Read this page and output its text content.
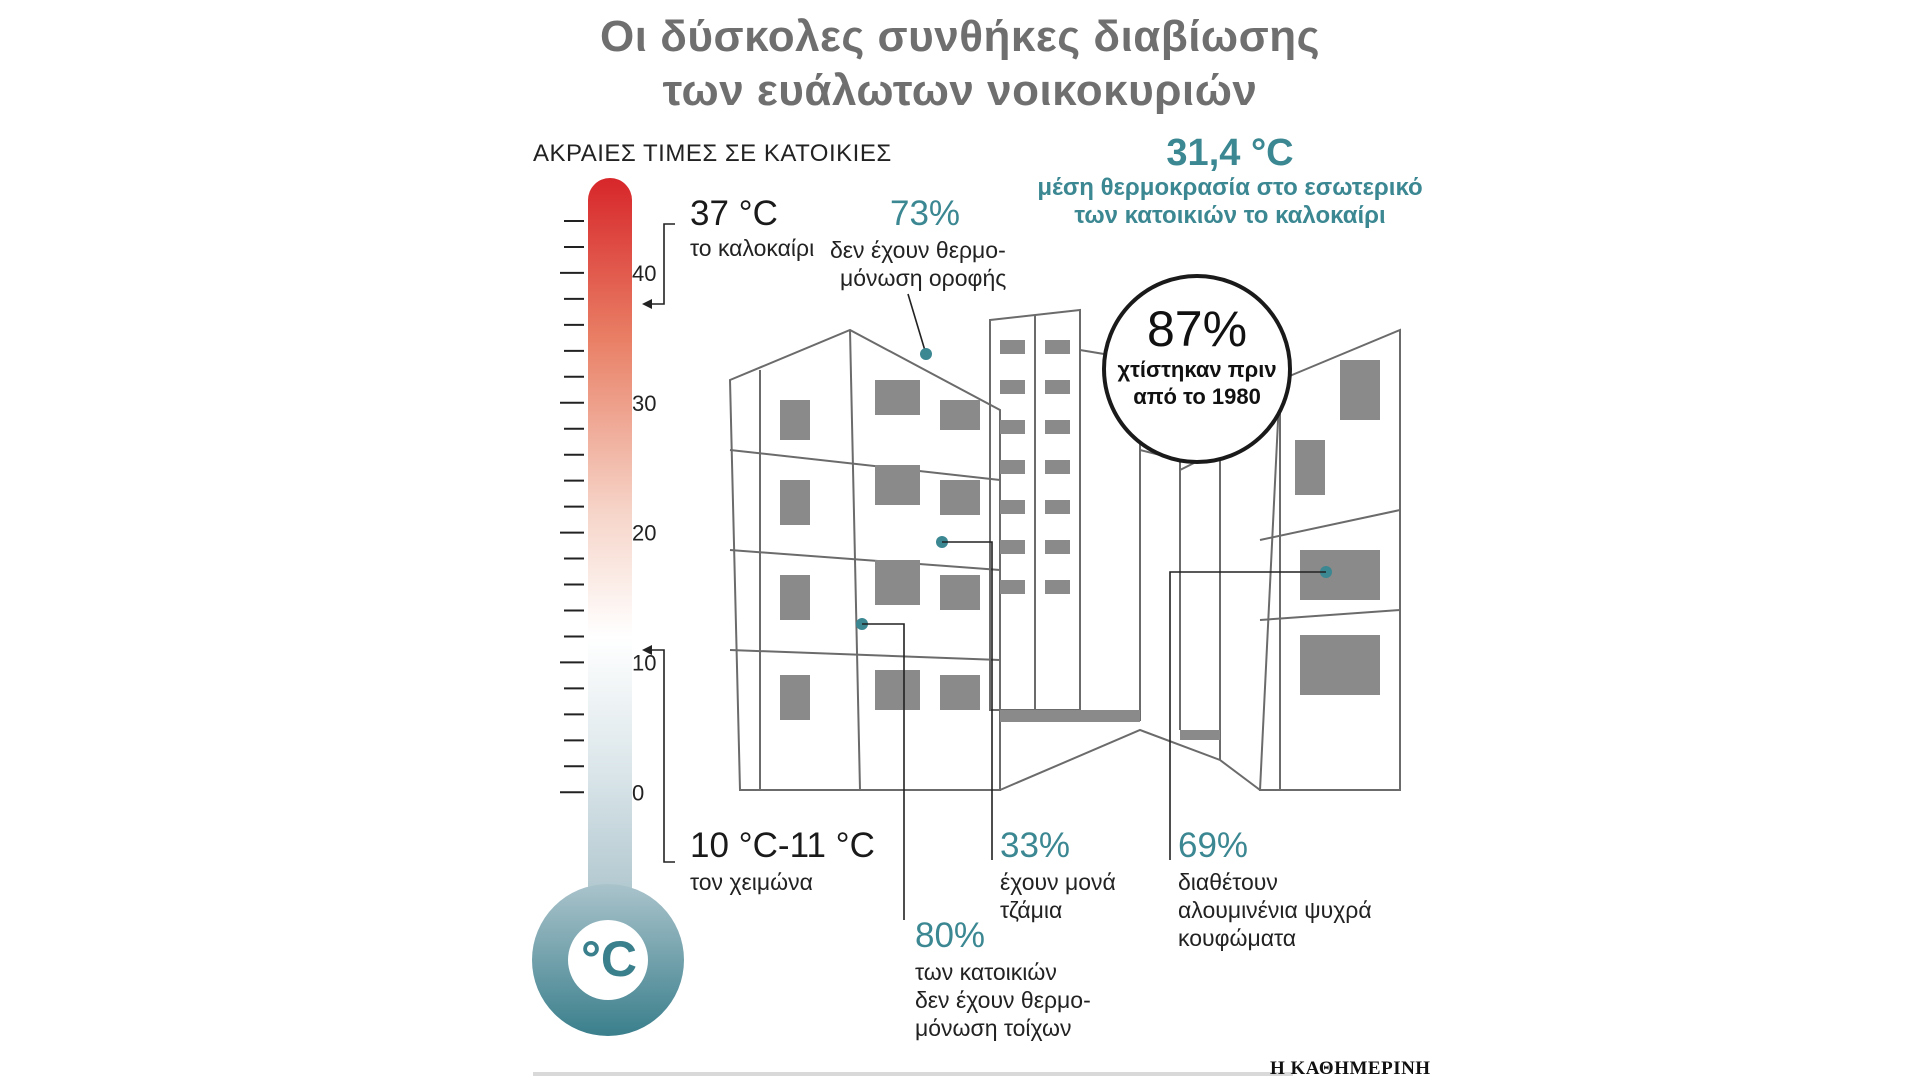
Οι δύσκολες συνθήκες διαβίωσης
των ευάλωτων νοικοκυριών
ΑΚΡΑΙΕΣ ΤΙΜΕΣ ΣΕ ΚΑΤΟΙΚΙΕΣ
40
30
20
10
0
°C
37 °C
το καλοκαίρι
10 °C-11 °C
τον χειμώνα
31,4 °C
μέση θερμοκρασία στο εσωτερικό
των κατοικιών το καλοκαίρι
73%
δεν έχουν θερμο-
μόνωση οροφής
87%
χτίστηκαν πριν
από το 1980
33%
έχουν μονά
τζάμια
69%
διαθέτουν
αλουμινένια ψυχρά
κουφώματα
80%
των κατοικιών
δεν έχουν θερμο-
μόνωση τοίχων
Η ΚΑΘΗΜΕΡΙΝΗ
